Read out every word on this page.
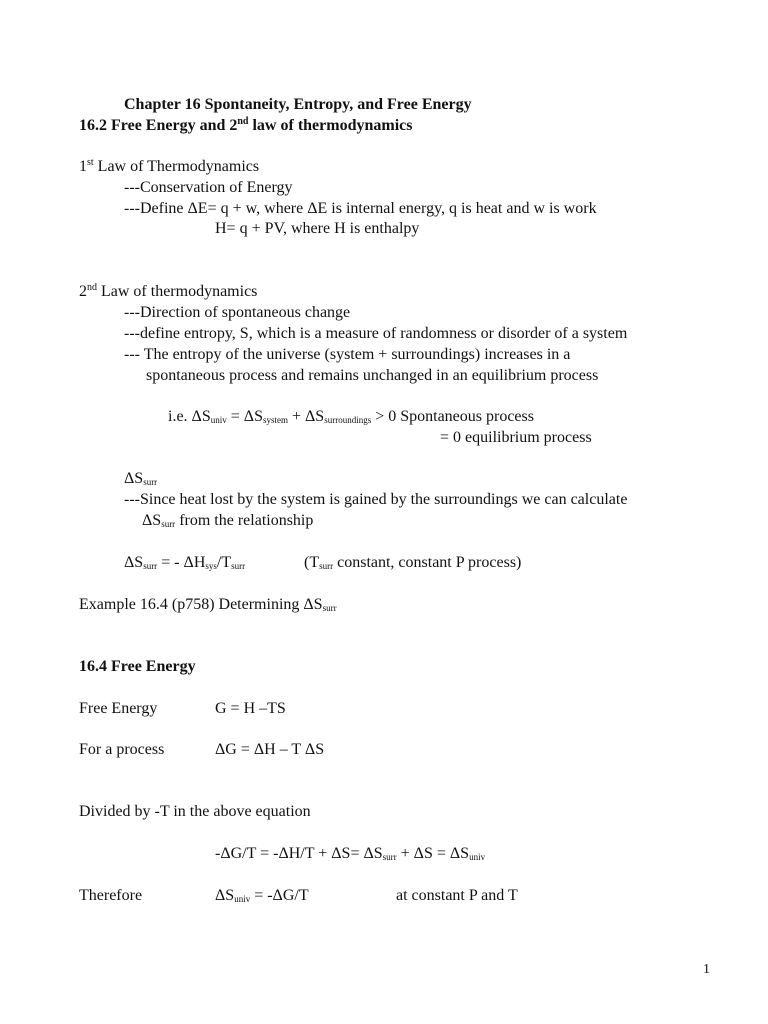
Chapter 16 Spontaneity, Entropy, and Free Energy
16.2 Free Energy and 2nd law of thermodynamics
1st Law of Thermodynamics
---Conservation of Energy
---Define ΔE= q + w, where ΔE is internal energy, q is heat and w is work
H= q + PV, where H is enthalpy
2nd Law of thermodynamics
---Direction of spontaneous change
---define entropy, S, which is a measure of randomness or disorder of a system
--- The entropy of the universe (system + surroundings) increases in a
spontaneous process and remains unchanged in an equilibrium process
i.e. $\Delta S_{univ} = \Delta S_{system} + \Delta S_{surroundings} > 0$ Spontaneous process
= 0 equilibrium process
$\Delta S_{surr}$
---Since heat lost by the system is gained by the surroundings we can calculate
$\Delta S_{surr}$ from the relationship
$\Delta S_{surr}$ = - $\Delta H_{sys}/T_{surr}$	($T_{surr}$ constant, constant P process)
Example 16.4 (p758) Determining $\Delta S_{surr}$
16.4 Free Energy
Free Energy	G = H –TS
For a process	ΔG = ΔH – T ΔS
Divided by -T in the above equation
$-\Delta G/T = -\Delta H/T + \Delta S= \Delta S_{surr} + \Delta S = \Delta S_{univ}$
Therefore	$\Delta S_{univ} = -\Delta G/T$	at constant P and T
1
